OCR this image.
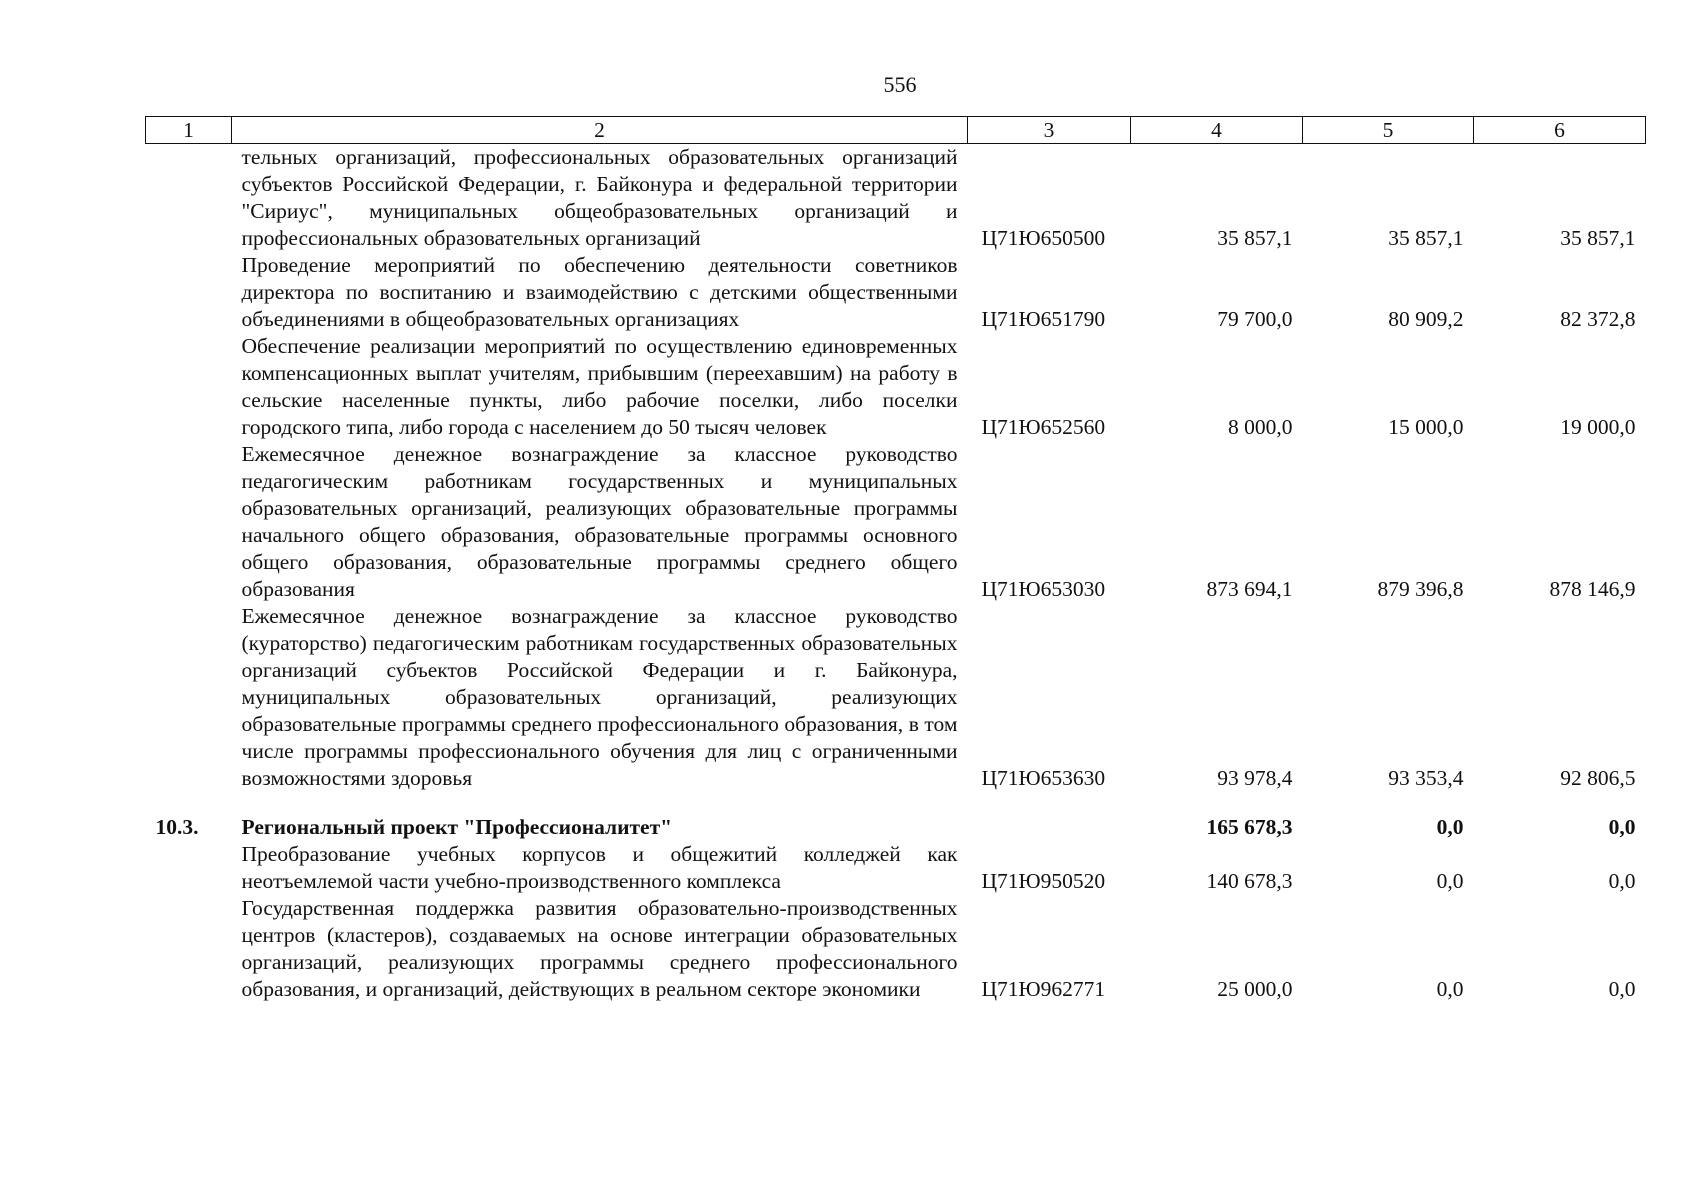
556
1	2	3	4	5	6
	тельных организаций, профессиональных образовательных организаций субъектов Российской Федерации, г. Байконура и федеральной территории "Сириус", муниципальных общеобразовательных организаций и профессиональных образовательных организаций	Ц71Ю650500	35 857,1	35 857,1	35 857,1
	Проведение мероприятий по обеспечению деятельности советников директора по воспитанию и взаимодействию с детскими общественными объединениями в общеобразовательных организациях	Ц71Ю651790	79 700,0	80 909,2	82 372,8
	Обеспечение реализации мероприятий по осуществлению единовременных компенсационных выплат учителям, прибывшим (переехавшим) на работу в сельские населенные пункты, либо рабочие поселки, либо поселки городского типа, либо города с населением до 50 тысяч человек	Ц71Ю652560	8 000,0	15 000,0	19 000,0
	Ежемесячное денежное вознаграждение за классное руководство педагогическим работникам государственных и муниципальных образовательных организаций, реализующих образовательные программы начального общего образования, образовательные программы основного общего образования, образовательные программы среднего общего образования	Ц71Ю653030	873 694,1	879 396,8	878 146,9
	Ежемесячное денежное вознаграждение за классное руководство (кураторство) педагогическим работникам государственных образовательных организаций субъектов Российской Федерации и г. Байконура, муниципальных образовательных организаций, реализующих образовательные программы среднего профессионального образования, в том числе программы профессионального обучения для лиц с ограниченными возможностями здоровья	Ц71Ю653630	93 978,4	93 353,4	92 806,5
10.3.	Региональный проект "Профессионалитет"		165 678,3	0,0	0,0
	Преобразование учебных корпусов и общежитий колледжей как неотъемлемой части учебно-производственного комплекса	Ц71Ю950520	140 678,3	0,0	0,0
	Государственная поддержка развития образовательно-производственных центров (кластеров), создаваемых на основе интеграции образовательных организаций, реализующих программы среднего профессионального образования, и организаций, действующих в реальном секторе экономики	Ц71Ю962771	25 000,0	0,0	0,0
